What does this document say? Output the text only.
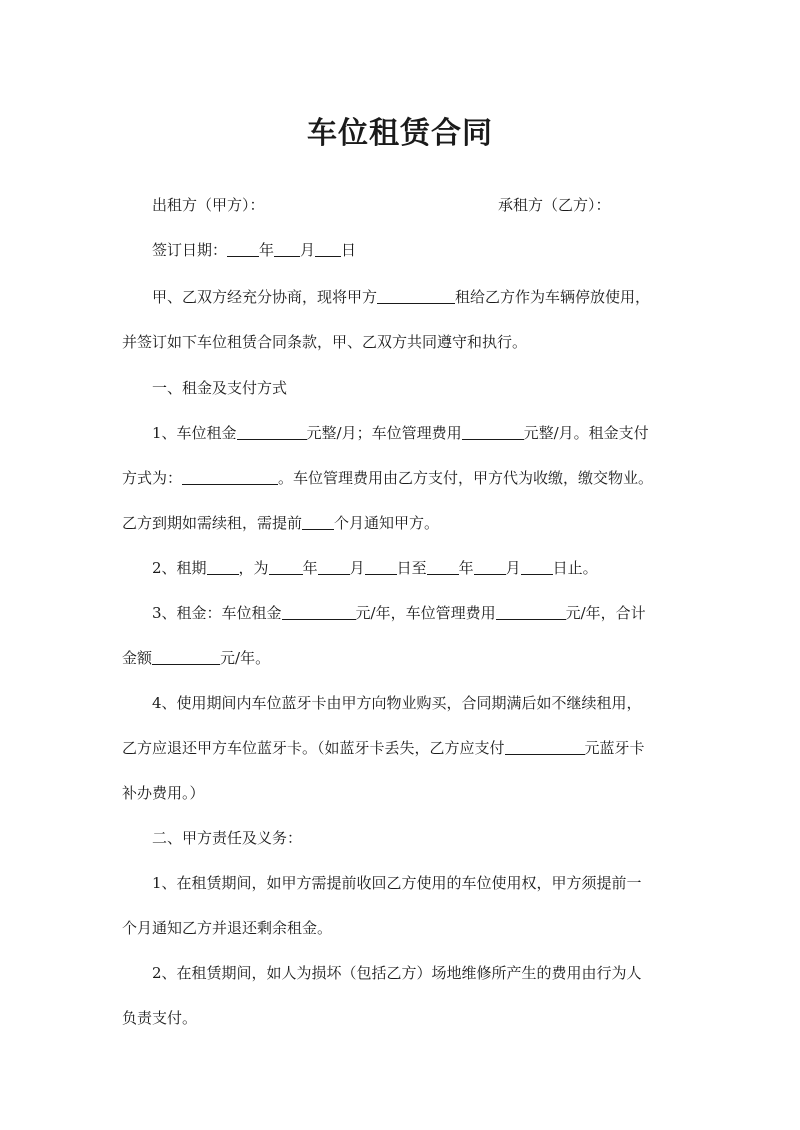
车位租赁合同
出租方（甲方）：	承租方（乙方）：
签订日期： 年 月 日
甲、乙双方经充分协商，现将甲方	租给乙方作为车辆停放使用，
并签订如下车位租赁合同条款，甲、乙双方共同遵守和执行。
一、租金及支付方式
1、车位租金	元整/月；车位管理费用	元整/月。租金支付
方式为：	。车位管理费用由乙方支付，甲方代为收缴，缴交物业。
乙方到期如需续租，需提前 个月通知甲方。
2、租期 ，为 年 月 日至 年 月 日止。
3、租金：车位租金	元/年，车位管理费用	元/年，合计
金额	元/年。
4、使用期间内车位蓝牙卡由甲方向物业购买，合同期满后如不继续租用，
乙方应退还甲方车位蓝牙卡。（如蓝牙卡丢失，乙方应支付	元蓝牙卡
补办费用。）
二、甲方责任及义务：
1、在租赁期间，如甲方需提前收回乙方使用的车位使用权，甲方须提前一
个月通知乙方并退还剩余租金。
2、在租赁期间，如人为损坏（包括乙方）场地维修所产生的费用由行为人
负责支付。
